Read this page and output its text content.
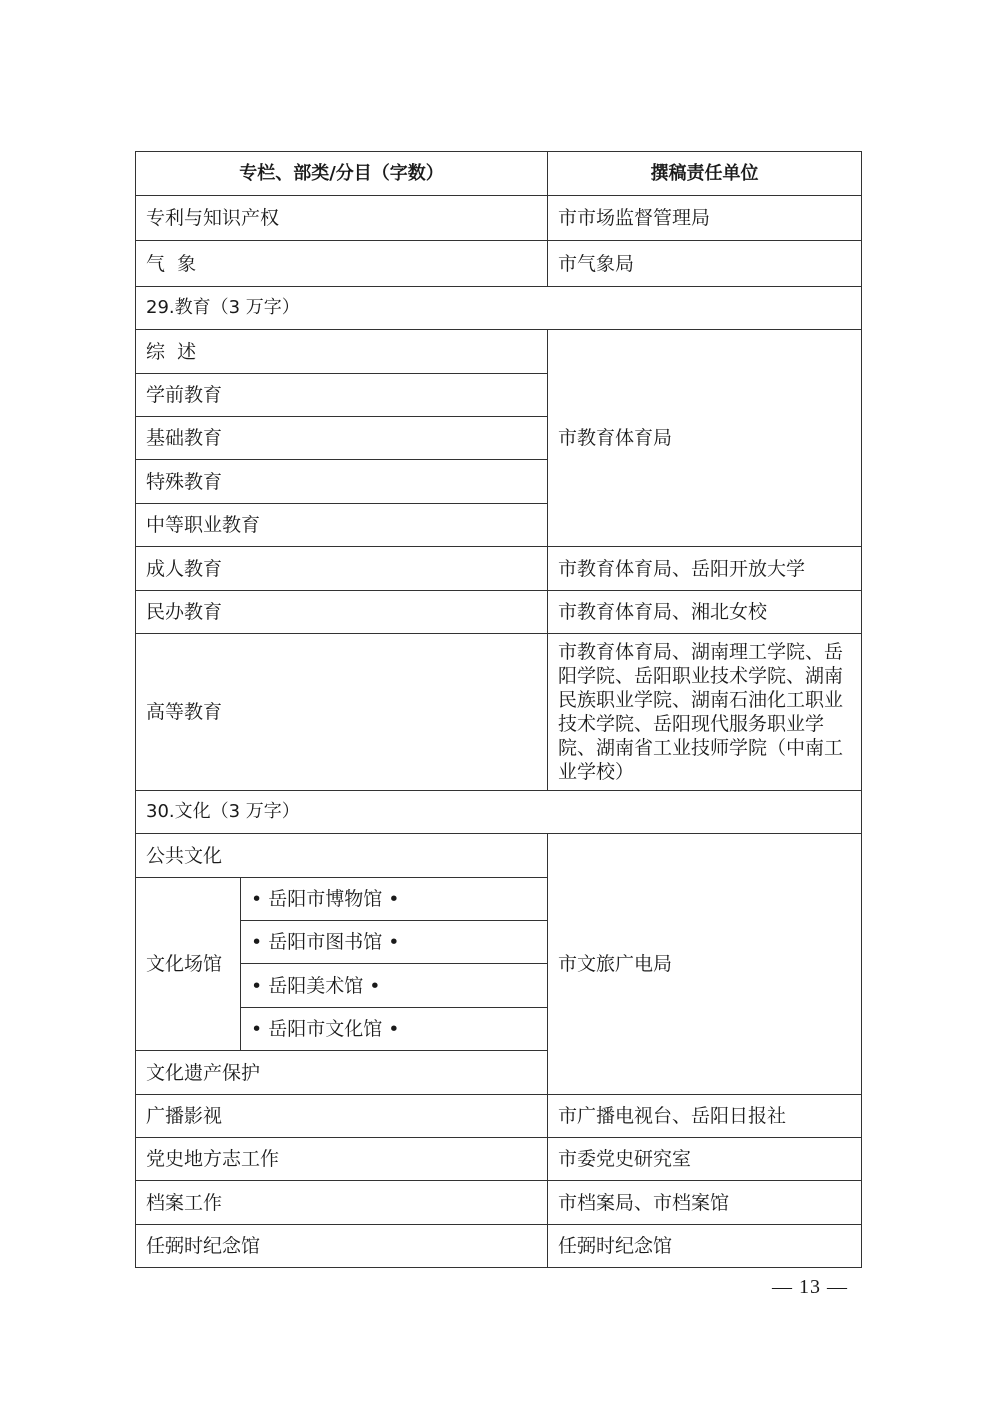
专栏、部类/分目（字数）		撰稿责任单位
专利与知识产权		市市场监督管理局
气  象		市气象局
29.教育（3 万字）		
综  述		市教育体育局
学前教育		
基础教育		
特殊教育		
中等职业教育		
成人教育		市教育体育局、岳阳开放大学
民办教育		市教育体育局、湘北女校
高等教育		市教育体育局、湖南理工学院、岳阳学院、岳阳职业技术学院、湖南民族职业学院、湖南石油化工职业技术学院、岳阳现代服务职业学院、湖南省工业技师学院（中南工业学校）
30.文化（3 万字）		
公共文化		市文旅广电局
文化场馆	• 岳阳市博物馆 •	
	• 岳阳市图书馆 •	
	• 岳阳美术馆 •	
	• 岳阳市文化馆 •	
文化遗产保护		
广播影视		市广播电视台、岳阳日报社
党史地方志工作		市委党史研究室
档案工作		市档案局、市档案馆
任弼时纪念馆		任弼时纪念馆
— 13 —
